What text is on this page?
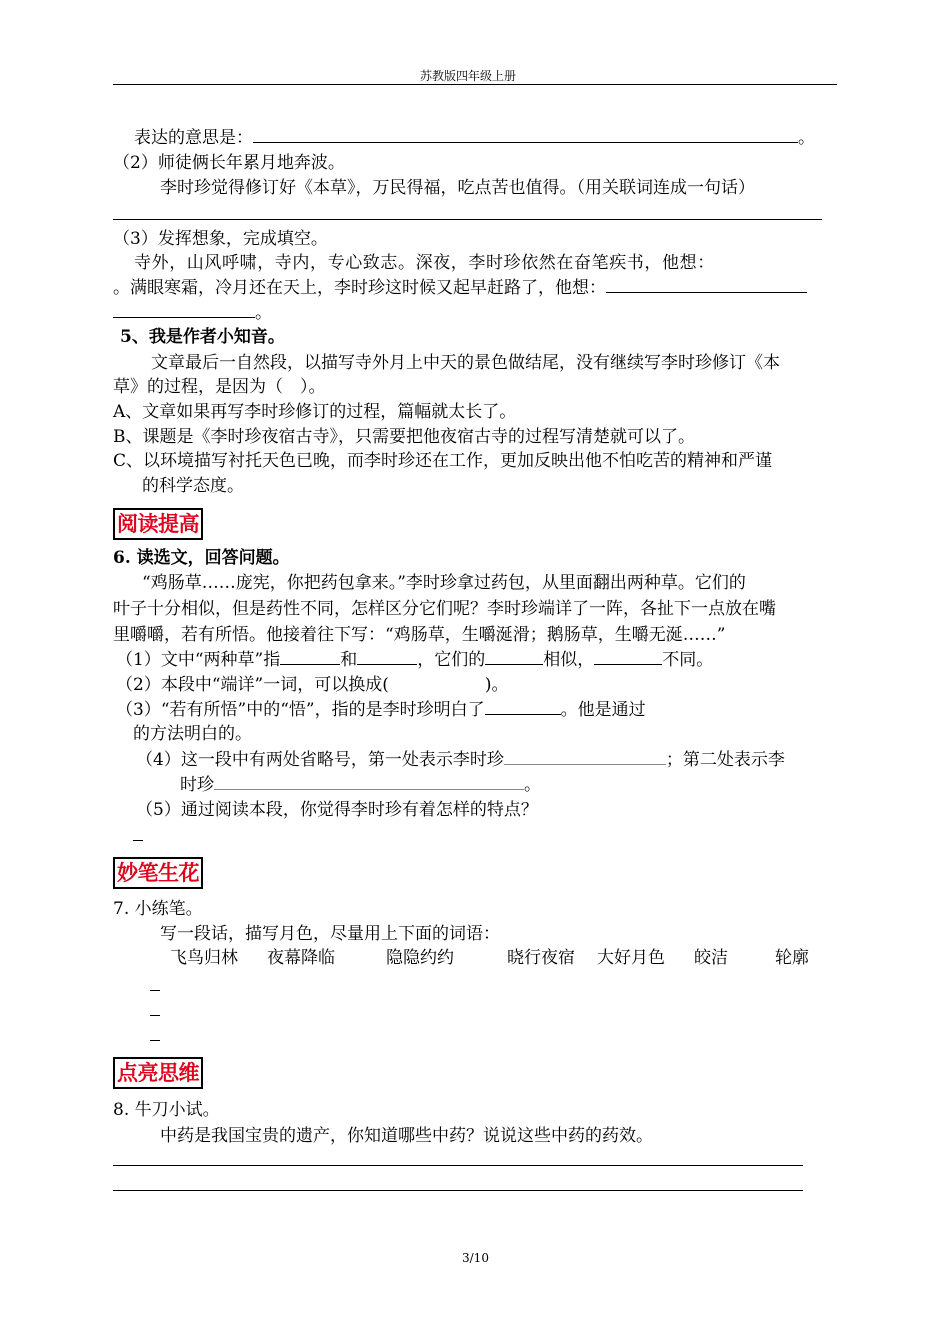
苏教版四年级上册
表达的意思是：	。
（2）师徒俩长年累月地奔波。
李时珍觉得修订好《本草》，万民得福，吃点苦也值得。（用关联词连成一句话）
（3）发挥想象，完成填空。
寺外，山风呼啸，寺内，专心致志。深夜，李时珍依然在奋笔疾书，他想：
。满眼寒霜，冷月还在天上，李时珍这时候又起早赶路了，他想：
。
5、我是作者小知音。
文章最后一自然段，以描写寺外月上中天的景色做结尾，没有继续写李时珍修订《本
草》的过程，是因为（　）。
A、文章如果再写李时珍修订的过程，篇幅就太长了。
B、课题是《李时珍夜宿古寺》，只需要把他夜宿古寺的过程写清楚就可以了。
C、以环境描写衬托天色已晚，而李时珍还在工作，更加反映出他不怕吃苦的精神和严谨
的科学态度。
阅读提高
6. 读选文，回答问题。
“鸡肠草……庞宪，你把药包拿来。”李时珍拿过药包，从里面翻出两种草。它们的
叶子十分相似，但是药性不同，怎样区分它们呢？李时珍端详了一阵，各扯下一点放在嘴
里嚼嚼，若有所悟。他接着往下写：“鸡肠草，生嚼涎滑；鹅肠草，生嚼无涎……”
（1）文中“两种草”指	和	，它们的	相似，	不同。
（2）本段中“端详”一词，可以换成(	)。
（3）“若有所悟”中的“悟”，指的是李时珍明白了	。他是通过
的方法明白的。
（4）这一段中有两处省略号，第一处表示李时珍	；第二处表示李
时珍	。
（5）通过阅读本段，你觉得李时珍有着怎样的特点？
妙笔生花
7. 小练笔。
写一段话，描写月色，尽量用上下面的词语：
飞鸟归林 夜幕降临	隐隐约约	晓行夜宿 大好月色 皎洁	轮廓
点亮思维
8. 牛刀小试。
中药是我国宝贵的遗产，你知道哪些中药？说说这些中药的药效。
3/10
